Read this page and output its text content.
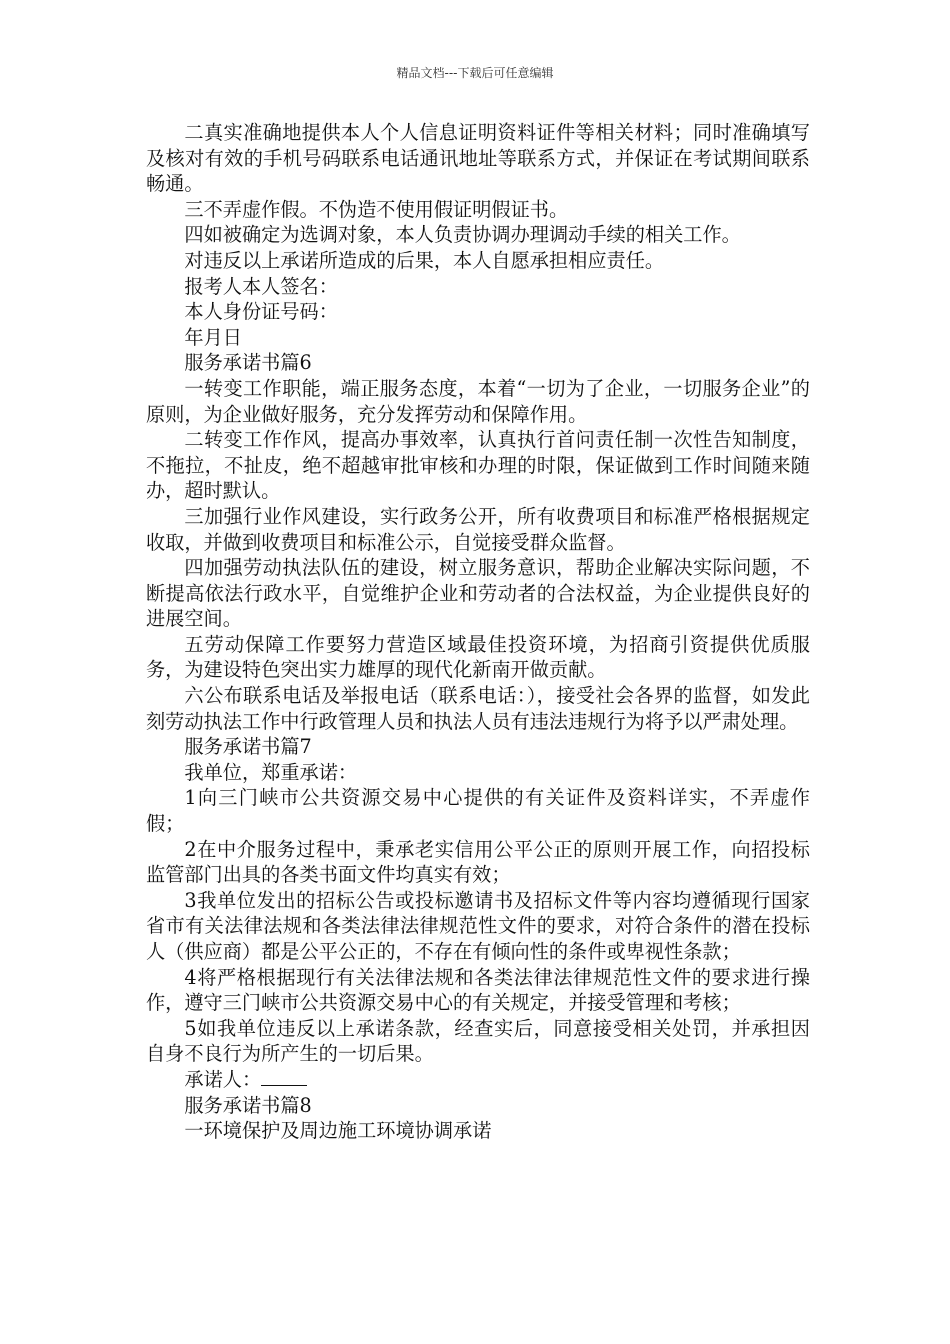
精品文档---下载后可任意编辑

二真实准确地提供本人个人信息证明资料证件等相关材料；同时准确填写及核对有效的手机号码联系电话通讯地址等联系方式，并保证在考试期间联系畅通。

三不弄虚作假。不伪造不使用假证明假证书。

四如被确定为选调对象，本人负责协调办理调动手续的相关工作。

对违反以上承诺所造成的后果，本人自愿承担相应责任。

报考人本人签名：

本人身份证号码：

年月日

服务承诺书篇6

一转变工作职能，端正服务态度，本着“一切为了企业，一切服务企业”的原则，为企业做好服务，充分发挥劳动和保障作用。

二转变工作作风，提高办事效率，认真执行首问责任制一次性告知制度，不拖拉，不扯皮，绝不超越审批审核和办理的时限，保证做到工作时间随来随办，超时默认。

三加强行业作风建设，实行政务公开，所有收费项目和标准严格根据规定收取，并做到收费项目和标准公示，自觉接受群众监督。

四加强劳动执法队伍的建设，树立服务意识，帮助企业解决实际问题，不断提高依法行政水平，自觉维护企业和劳动者的合法权益，为企业提供良好的进展空间。

五劳动保障工作要努力营造区域最佳投资环境，为招商引资提供优质服务，为建设特色突出实力雄厚的现代化新南开做贡献。

六公布联系电话及举报电话（联系电话：），接受社会各界的监督，如发此刻劳动执法工作中行政管理人员和执法人员有违法违规行为将予以严肃处理。

服务承诺书篇7

我单位，郑重承诺：

1向三门峡市公共资源交易中心提供的有关证件及资料详实，不弄虚作假；

2在中介服务过程中，秉承老实信用公平公正的原则开展工作，向招投标监管部门出具的各类书面文件均真实有效；

3我单位发出的招标公告或投标邀请书及招标文件等内容均遵循现行国家省市有关法律法规和各类法律法律规范性文件的要求，对符合条件的潜在投标人（供应商）都是公平公正的，不存在有倾向性的条件或卑视性条款；

4将严格根据现行有关法律法规和各类法律法律规范性文件的要求进行操作，遵守三门峡市公共资源交易中心的有关规定，并接受管理和考核；

5如我单位违反以上承诺条款，经查实后，同意接受相关处罚，并承担因自身不良行为所产生的一切后果。

承诺人：

服务承诺书篇8

一环境保护及周边施工环境协调承诺
